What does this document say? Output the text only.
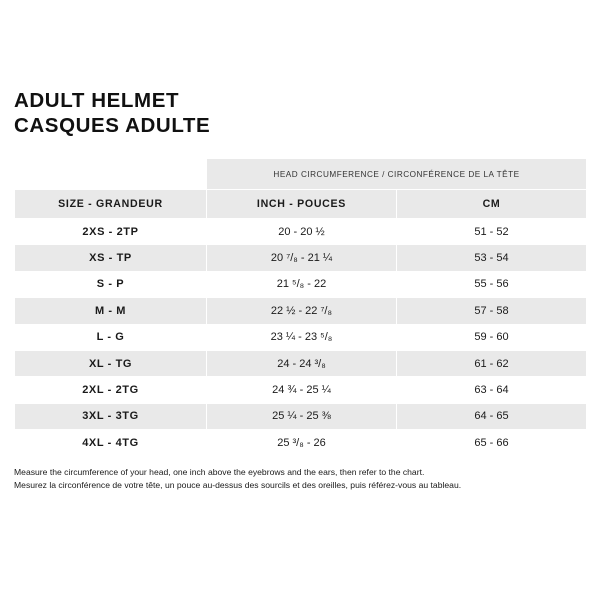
ADULT HELMET
CASQUES ADULTE
	HEAD CIRCUMFERENCE / CIRCONFÉRENCE DE LA TÊTE	
SIZE - GRANDEUR	INCH - POUCES	CM
2XS - 2TP	20 - 20 ½	51 - 52
XS - TP	20 ⁷/₈ - 21 ¼	53 - 54
S - P	21 ⁵/₈ - 22	55 - 56
M - M	22 ½ - 22 ⁷/₈	57 - 58
L - G	23 ¼ - 23 ⁵/₈	59 - 60
XL - TG	24 - 24 ³/₈	61 - 62
2XL - 2TG	24 ¾ - 25 ¼	63 - 64
3XL - 3TG	25 ¼ - 25 ⅜	64 - 65
4XL - 4TG	25 ³/₈ - 26	65 - 66
Measure the circumference of your head, one inch above the eyebrows and the ears, then refer to the chart.
Mesurez la circonférence de votre tête, un pouce au-dessus des sourcils et des oreilles, puis référez-vous au tableau.
